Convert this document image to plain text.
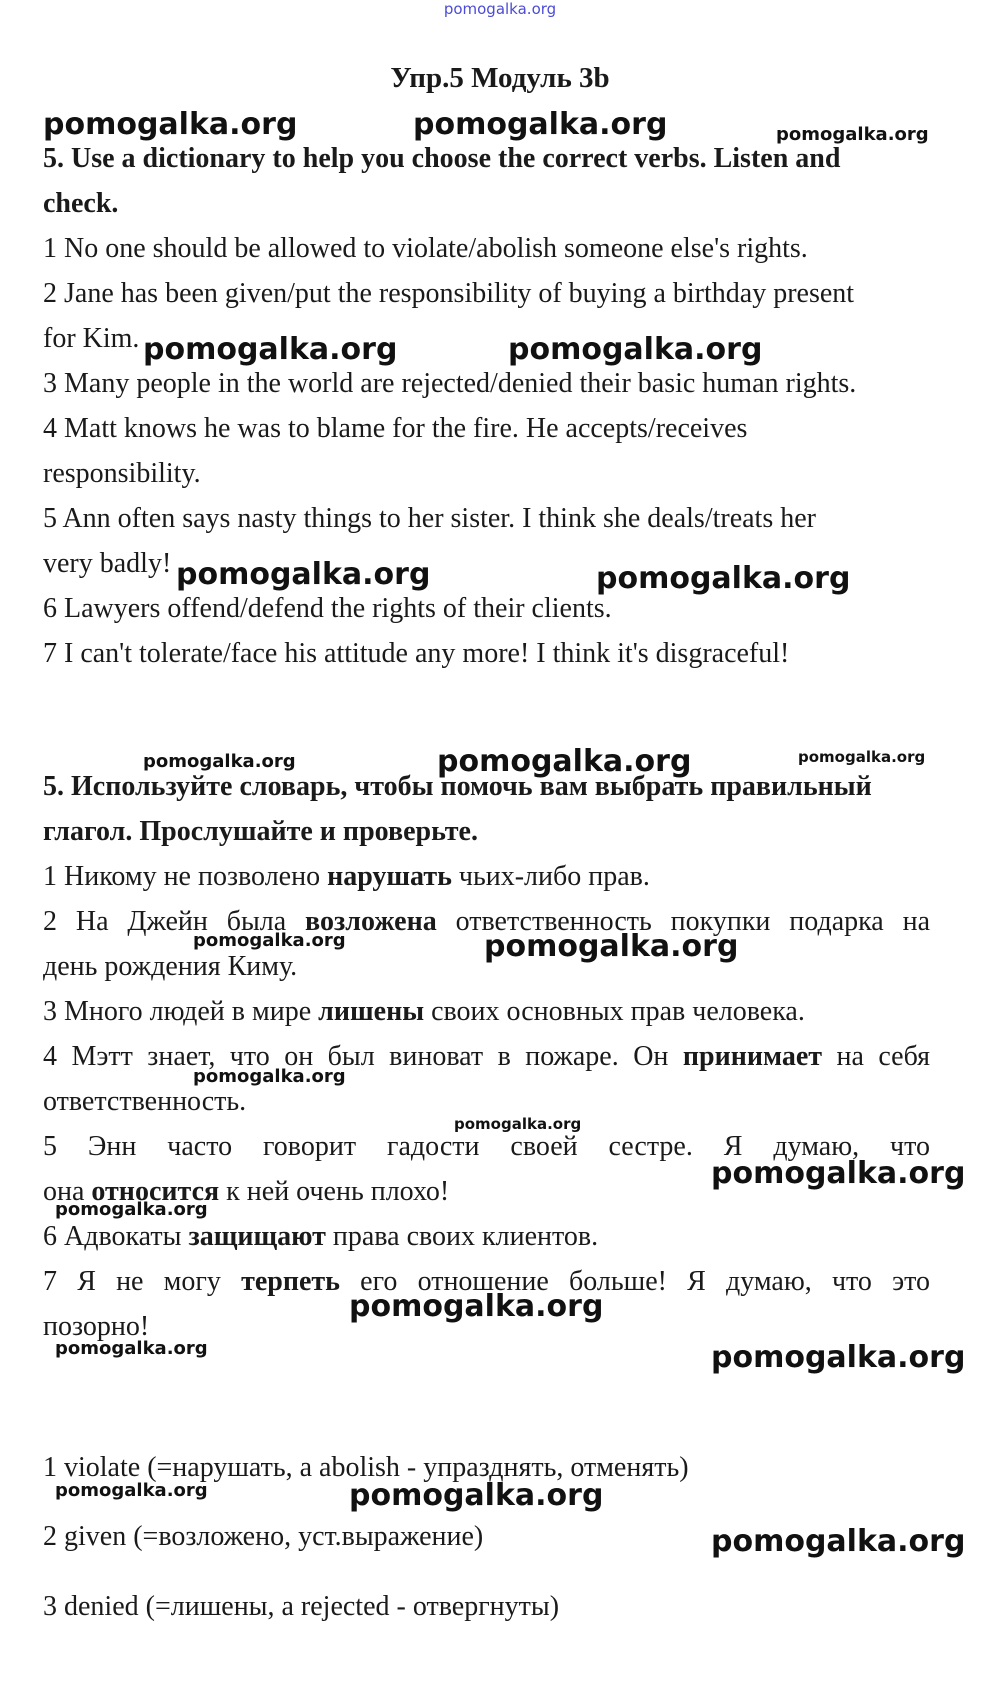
pomogalka.org
Упр.5 Модуль 3b
5. Use a dictionary to help you choose the correct verbs. Listen and
check.
1 No one should be allowed to violate/abolish someone else's rights.
2 Jane has been given/put the responsibility of buying a birthday present
for Kim.
3 Many people in the world are rejected/denied their basic human rights.
4 Matt knows he was to blame for the fire. He accepts/receives
responsibility.
5 Ann often says nasty things to her sister. I think she deals/treats her
very badly!
6 Lawyers offend/defend the rights of their clients.
7 I can't tolerate/face his attitude any more! I think it's disgraceful!
5. Используйте словарь, чтобы помочь вам выбрать правильный
глагол. Прослушайте и проверьте.
1 Никому не позволено нарушать чьих-либо прав.
2 На Джейн была возложена ответственность покупки подарка на
день рождения Киму.
3 Много людей в мире лишены своих основных прав человека.
4 Мэтт знает, что он был виноват в пожаре. Он принимает на себя
ответственность.
5 Энн часто говорит гадости своей сестре. Я думаю, что
она относится к ней очень плохо!
6 Адвокаты защищают права своих клиентов.
7 Я не могу терпеть его отношение больше! Я думаю, что это
позорно!
1 violate (=нарушать, a abolish - упразднять, отменять)
2 given (=возложено, уст.выражение)
3 denied (=лишены, a rejected - отвергнуты)
pomogalka.org	pomogalka.org	pomogalka.org
pomogalka.org	pomogalka.org
pomogalka.org	pomogalka.org
pomogalka.org	pomogalka.org	pomogalka.org
pomogalka.org	pomogalka.org
pomogalka.org
pomogalka.org
pomogalka.org
pomogalka.org
pomogalka.org
pomogalka.org	pomogalka.org
pomogalka.org	pomogalka.org
pomogalka.org
